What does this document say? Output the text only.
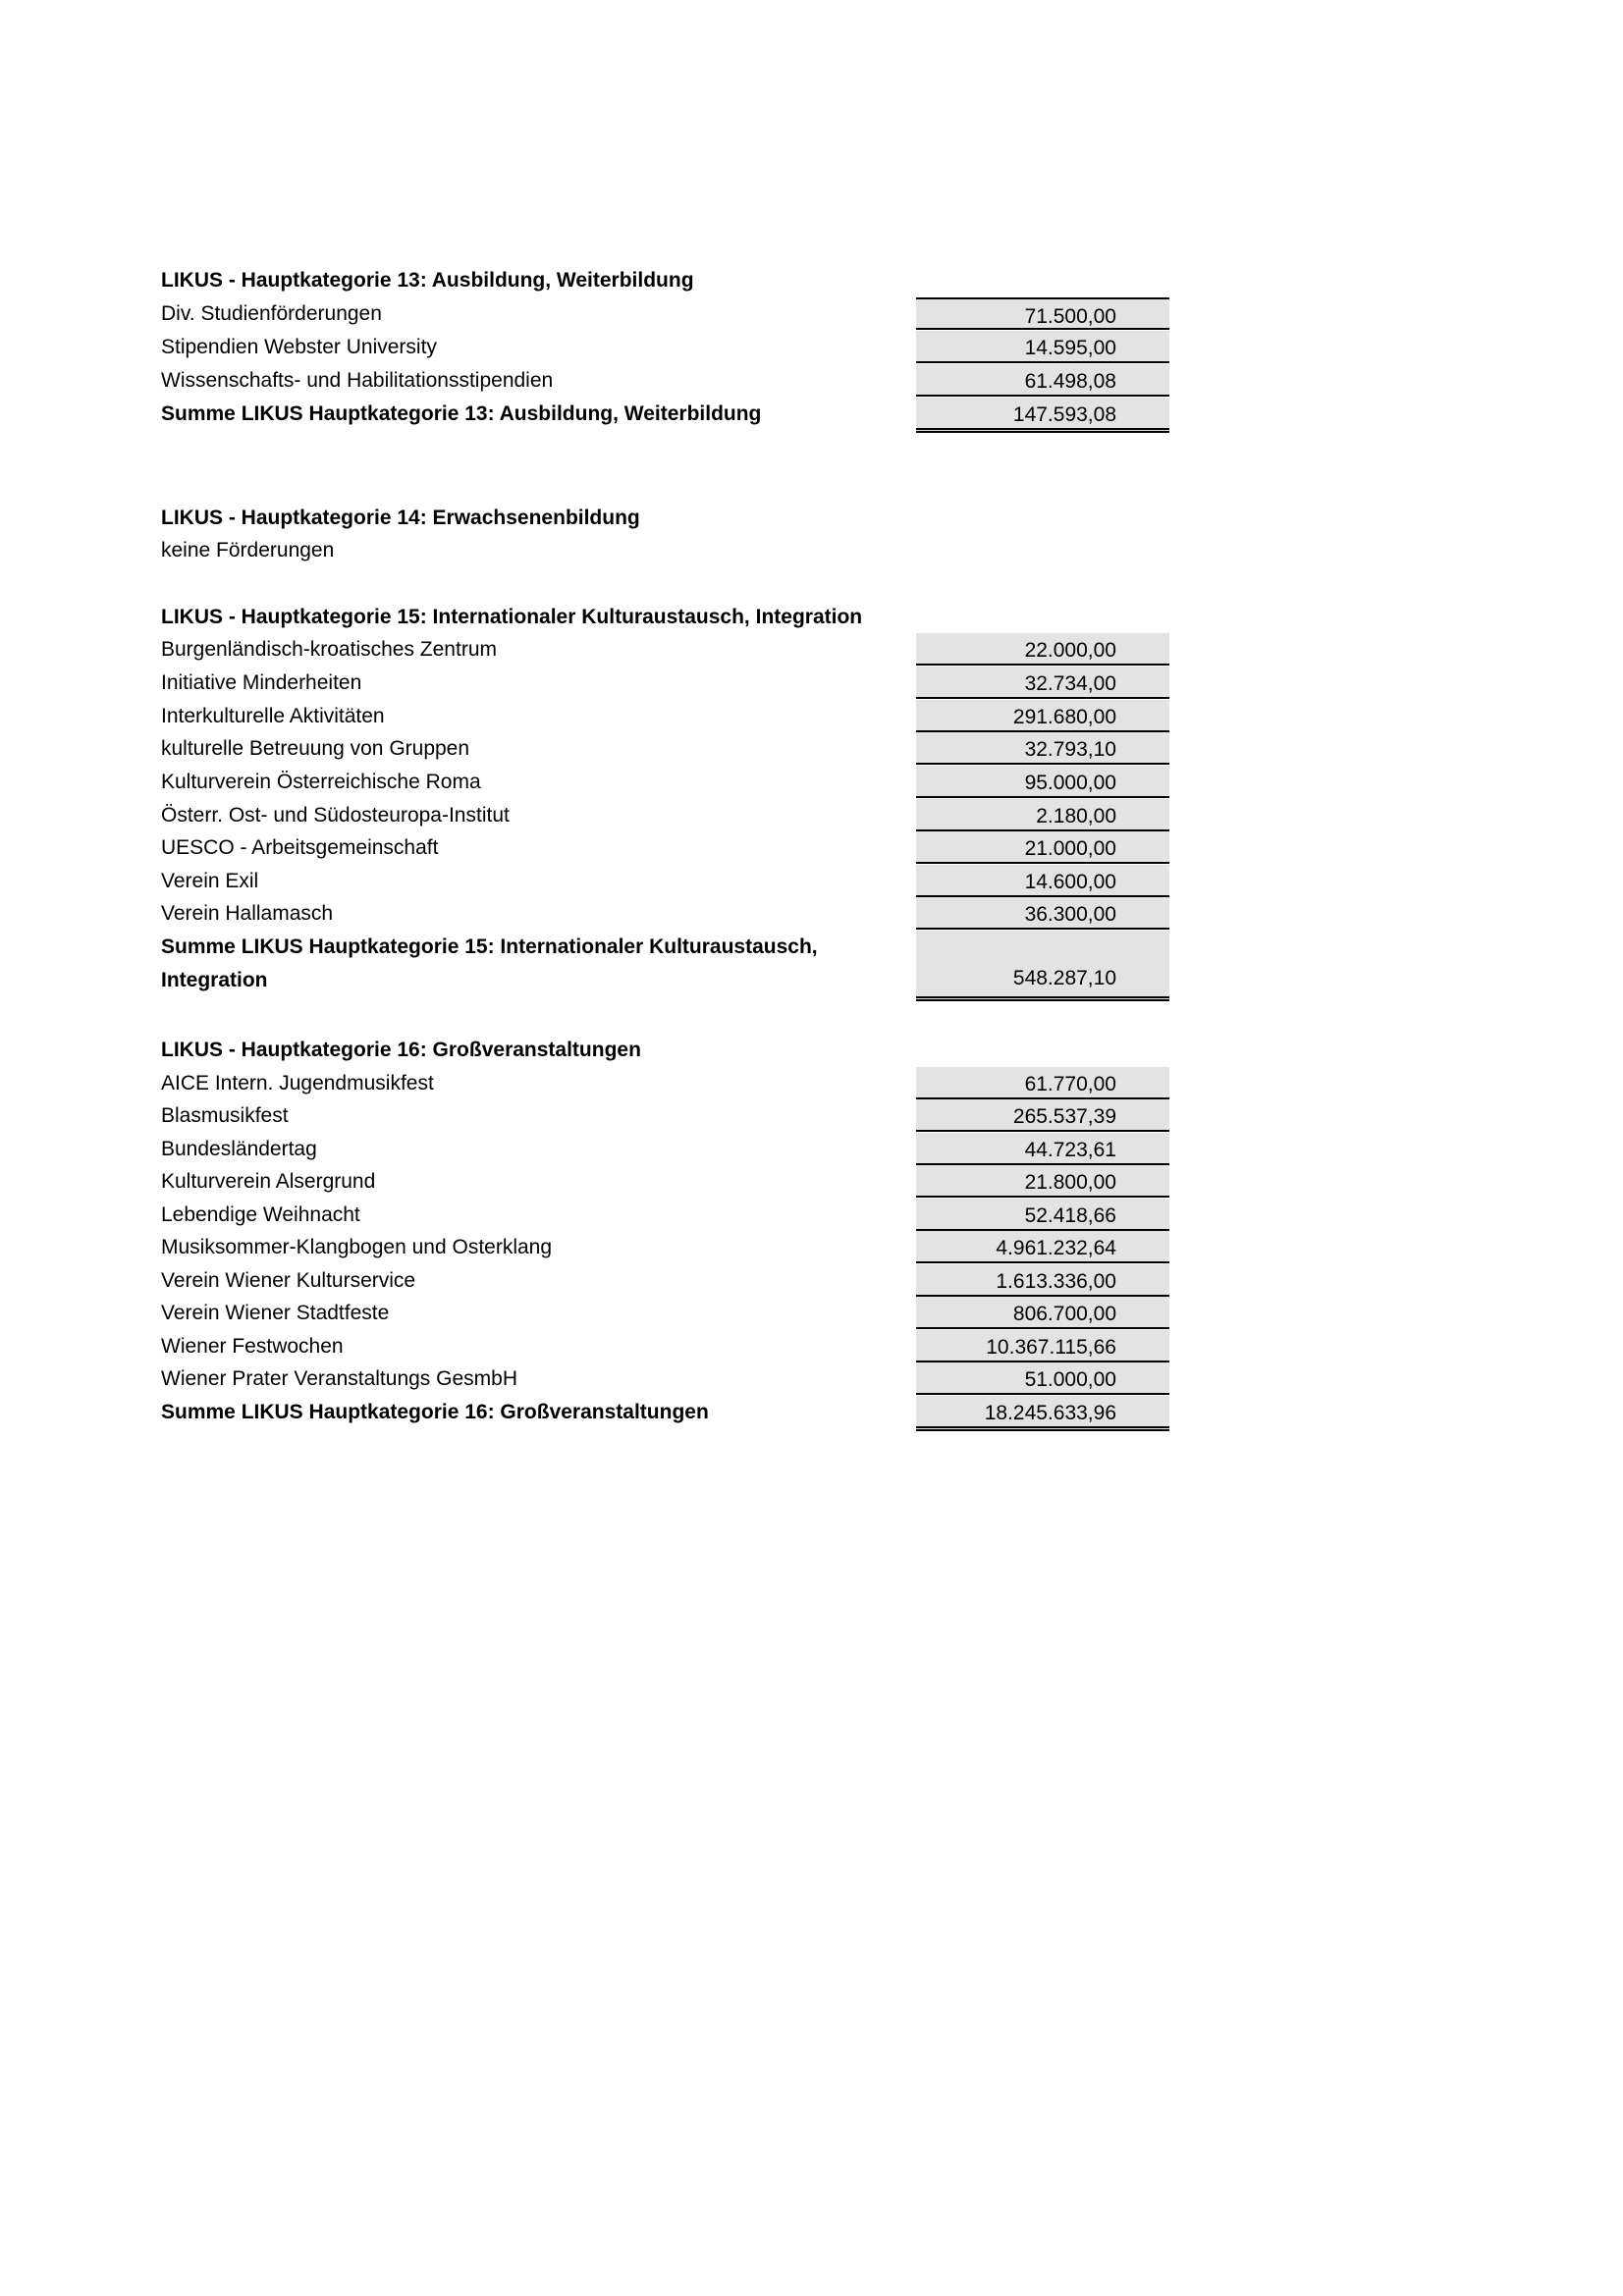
LIKUS - Hauptkategorie 13: Ausbildung, Weiterbildung
Div. Studienförderungen	71.500,00
Stipendien Webster University	14.595,00
Wissenschafts- und Habilitationsstipendien	61.498,08
Summe LIKUS Hauptkategorie 13: Ausbildung, Weiterbildung	147.593,08
LIKUS - Hauptkategorie 14: Erwachsenenbildung
keine Förderungen
LIKUS - Hauptkategorie 15: Internationaler Kulturaustausch, Integration
Burgenländisch-kroatisches Zentrum	22.000,00
Initiative Minderheiten	32.734,00
Interkulturelle Aktivitäten	291.680,00
kulturelle Betreuung von Gruppen	32.793,10
Kulturverein Österreichische Roma	95.000,00
Österr. Ost- und Südosteuropa-Institut	2.180,00
UESCO - Arbeitsgemeinschaft	21.000,00
Verein Exil	14.600,00
Verein Hallamasch	36.300,00
Summe LIKUS Hauptkategorie 15: Internationaler Kulturaustausch,
Integration	548.287,10
LIKUS - Hauptkategorie 16: Großveranstaltungen
AICE Intern. Jugendmusikfest	61.770,00
Blasmusikfest	265.537,39
Bundesländertag	44.723,61
Kulturverein Alsergrund	21.800,00
Lebendige Weihnacht	52.418,66
Musiksommer-Klangbogen und Osterklang	4.961.232,64
Verein Wiener Kulturservice	1.613.336,00
Verein Wiener Stadtfeste	806.700,00
Wiener Festwochen	10.367.115,66
Wiener Prater Veranstaltungs GesmbH	51.000,00
Summe LIKUS Hauptkategorie 16: Großveranstaltungen	18.245.633,96
